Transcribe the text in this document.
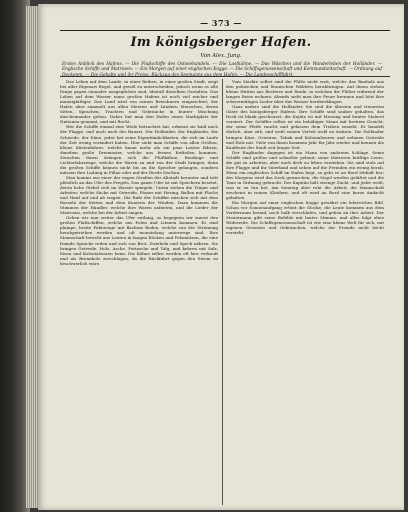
— 373 —
Im königsberger Hafen.
Von Alex. Jung.
Erstes Anblick des Hafens. — Die Flußschiffe des Ostseehandels. — Die Lastkähne. — Das Wäschen und die Wanderleben der Holländer. — Englische Schiffe und Matrosen. — Ein Morgen auf einer englischen Kogge. — Die Schiffsgenossenschaft und Kommandantschaft. — Ordnung auf Deckenm. — Die Gehalte und ihr Preise. Rückzug des Seemanns aus dem Hafen. — Die Landesschifffahrt.

Das Leben auf dem Lande, in einer Reihen, in einer großen Stadt, zeigt bei aller Eigenart Regel, und gewiß zu unterscheiden, jedoch wenn es alle Dinge gegen einander ausgeglichen sind, überall dieselben Gestalten. Das Leben auf dem Wasser eines großen Hafens ist noch viel reicher und mannigfaltiger. Das Land wird von seinen Bewohnern eingerichtet; der Hafen aber sammelt aus allen Meeren und Ländern Menschen, deren Sitten, Sprachen, Trachten und Gebräuche in bunter Mischung durcheinander gehen. Daher hat man den Hafen einen Marktplatz der Nationen genannt, und mit Recht.

Wer die Schiffe einmal eine Weile betrachtet hat, erkennt sie bald nach der Flagge, und auch nach der Bauart. Der Holländer, der Engländer, der Schwede, der Däne, jeder hat seine Eigentümlichkeiten, die sich im Laufe der Zeit wenig verändert haben. Hier sieht man Schiffe von allen Größen: kleine Küstenfahrer, welche kaum mehr als ein paar Lasten führen, daneben große Dreimaster, welche aus fernen Erdteilen kommen. Zwischen ihnen drängen sich die Flußkähne, Bordinge und Lichterfahrzeuge, welche die Waren zu und von der Stadt bringen, denn die großen Schiffe können nicht bis an die Speicher gelangen, sondern müssen ihre Ladung in Pillau oder auf der Reede löschen.

Man kommt aus einer der engen Straßen der Altstadt herunter und tritt plötzlich an das Ufer des Pregels. Das ganze Ufer ist mit Speichern besetzt, deren hohe Giebel sich im Wasser spiegeln. Unten stehen die Träger und Arbeiter, welche Säcke mit Getreide, Fässer mit Hering, Ballen mit Flachs und Hanf auf und ab tragen. Die Rufe der Schiffer mischen sich mit dem Rasseln der Ketten und dem Knarren der Winden. Dazu kommen die Stimmen der Händler, welche ihre Waren anbieten, und die Lieder der Matrosen, welche bei der Arbeit singen.

Gehen wir nun weiter das Ufer entlang, so begegnen wir zuerst den großen Flußschiffen, welche aus Polen und Litauen kommen. Es sind plumpe, breite Fahrzeuge mit flachem Boden, welche von der Strömung herabgetrieben werden und oft monatelang unterwegs sind. Ihre Mannschaft besteht aus Leuten in langen Röcken und Pelzmützen, die eine fremde Sprache reden und sich von Brot, Zwiebeln und Speck nähren. Sie bringen Getreide, Holz, Asche, Pottasche und Talg, und kehren mit Salz, Eisen und Kolonialwaren heim. Die Kähne selbst werden oft hier verkauft und als Brennholz zerschlagen, da die Rückfahrt gegen den Strom zu beschwerlich wäre.

Vom Markte selbst sind die Flöße nicht weit, welche das Bauholz aus den polnischen und litauischen Wäldern herabbringen. Auf ihnen stehen kleine Hütten aus Brettern und Rinde, in welchen die Flößer während der langen Reise wohnen. Abends sieht man ihre Feuer brennen und hört ihre schwermütigen Lieder über das Wasser herüberklingen.

Ganz anders sind die Holländer. Sie sind die ältesten und treuesten Gäste des königsberger Hafens. Ihre Schiffe sind sauber gehalten, das Deck ist blank gescheuert, die Kajüte ist mit Messing und bunter Malerei verziert. Der Schiffer selbst ist ein behäbiger Mann mit breitem Gesicht, der seine Pfeife raucht und gelassen dem Treiben zusieht. Er handelt ehrlich, aber zäh, und weiß seinen Vorteil wohl zu wahren. Die Holländer bringen Käse, Gewürze, Tabak und Kolonialwaren und nehmen Getreide und Holz mit. Viele von ihnen kommen Jahr für Jahr wieder und kennen die Kaufleute der Stadt seit langer Zeit.

Der Engländer dagegen ist ein Mann von anderem Schlage. Seine Schiffe sind größer und schneller gebaut, seine Matrosen kräftige Leute, die gut zu arbeiten, aber auch derb zu leben verstehen. Sie sind stolz auf ihre Flagge und ihr Vaterland und sehen auf die Fremden ein wenig herab. Wenn ein englisches Schiff im Hafen liegt, so geht es an Bord lebhaft her; des Morgens wird das Deck gewaschen, die Segel werden gelüftet und die Taue in Ordnung gebracht. Der Kapitän hält strenge Zucht, und jeder weiß, was er zu tun hat. Am Sonntag aber ruht die Arbeit; die Mannschaft erscheint in reinen Kleidern, und oft wird an Bord eine kurze Andacht gehalten.

Ein Morgen auf einer englischen Kogge gewährt ein lehrreiches Bild. Schon vor Sonnenaufgang ertönt die Glocke; die Leute kommen aus dem Vorderraum herauf, noch halb verschlafen, und gehen an ihre Arbeit. Der Steuermann gibt seine Befehle mit lauter Stimme, und alles folgt ohne Widerrede. Die Schiffsgenossenschaft ist wie eine kleine Welt für sich, mit eigenen Gesetzen und Gebräuchen, welche der Fremde nicht leicht versteht.
